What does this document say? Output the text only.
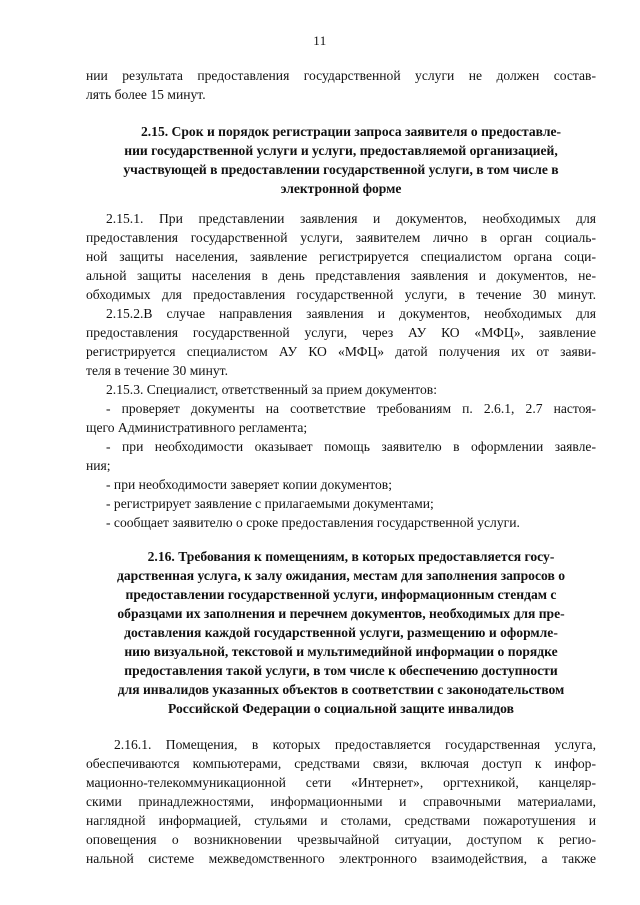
11
нии результата предоставления государственной услуги не должен состав-
лять более 15 минут.
2.15. Срок и порядок регистрации запроса заявителя о предоставле-
нии государственной услуги и услуги, предоставляемой организацией,
участвующей в предоставлении государственной услуги, в том числе в
электронной форме
2.15.1. При представлении заявления и документов, необходимых для
предоставления государственной услуги, заявителем лично в орган социаль-
ной защиты населения, заявление регистрируется специалистом органа соци-
альной защиты населения в день представления заявления и документов, не-
обходимых для предоставления государственной услуги, в течение 30 минут.
2.15.2.В случае направления заявления и документов, необходимых для
предоставления государственной услуги, через АУ КО «МФЦ», заявление
регистрируется специалистом АУ КО «МФЦ» датой получения их от заяви-
теля в течение 30 минут.
2.15.3. Специалист, ответственный за прием документов:
- проверяет документы на соответствие требованиям п. 2.6.1, 2.7 настоя-
щего Административного регламента;
- при необходимости оказывает помощь заявителю в оформлении заявле-
ния;
- при необходимости заверяет копии документов;
- регистрирует заявление с прилагаемыми документами;
- сообщает заявителю о сроке предоставления государственной услуги.
2.16. Требования к помещениям, в которых предоставляется госу-
дарственная услуга, к залу ожидания, местам для заполнения запросов о
предоставлении государственной услуги, информационным стендам с
образцами их заполнения и перечнем документов, необходимых для пре-
доставления каждой государственной услуги, размещению и оформле-
нию визуальной, текстовой и мультимедийной информации о порядке
предоставления такой услуги, в том числе к обеспечению доступности
для инвалидов указанных объектов в соответствии с законодательством
Российской Федерации о социальной защите инвалидов
2.16.1. Помещения, в которых предоставляется государственная услуга,
обеспечиваются компьютерами, средствами связи, включая доступ к инфор-
мационно-телекоммуникационной сети «Интернет», оргтехникой, канцеляр-
скими принадлежностями, информационными и справочными материалами,
наглядной информацией, стульями и столами, средствами пожаротушения и
оповещения о возникновении чрезвычайной ситуации, доступом к регио-
нальной системе межведомственного электронного взаимодействия, а также
